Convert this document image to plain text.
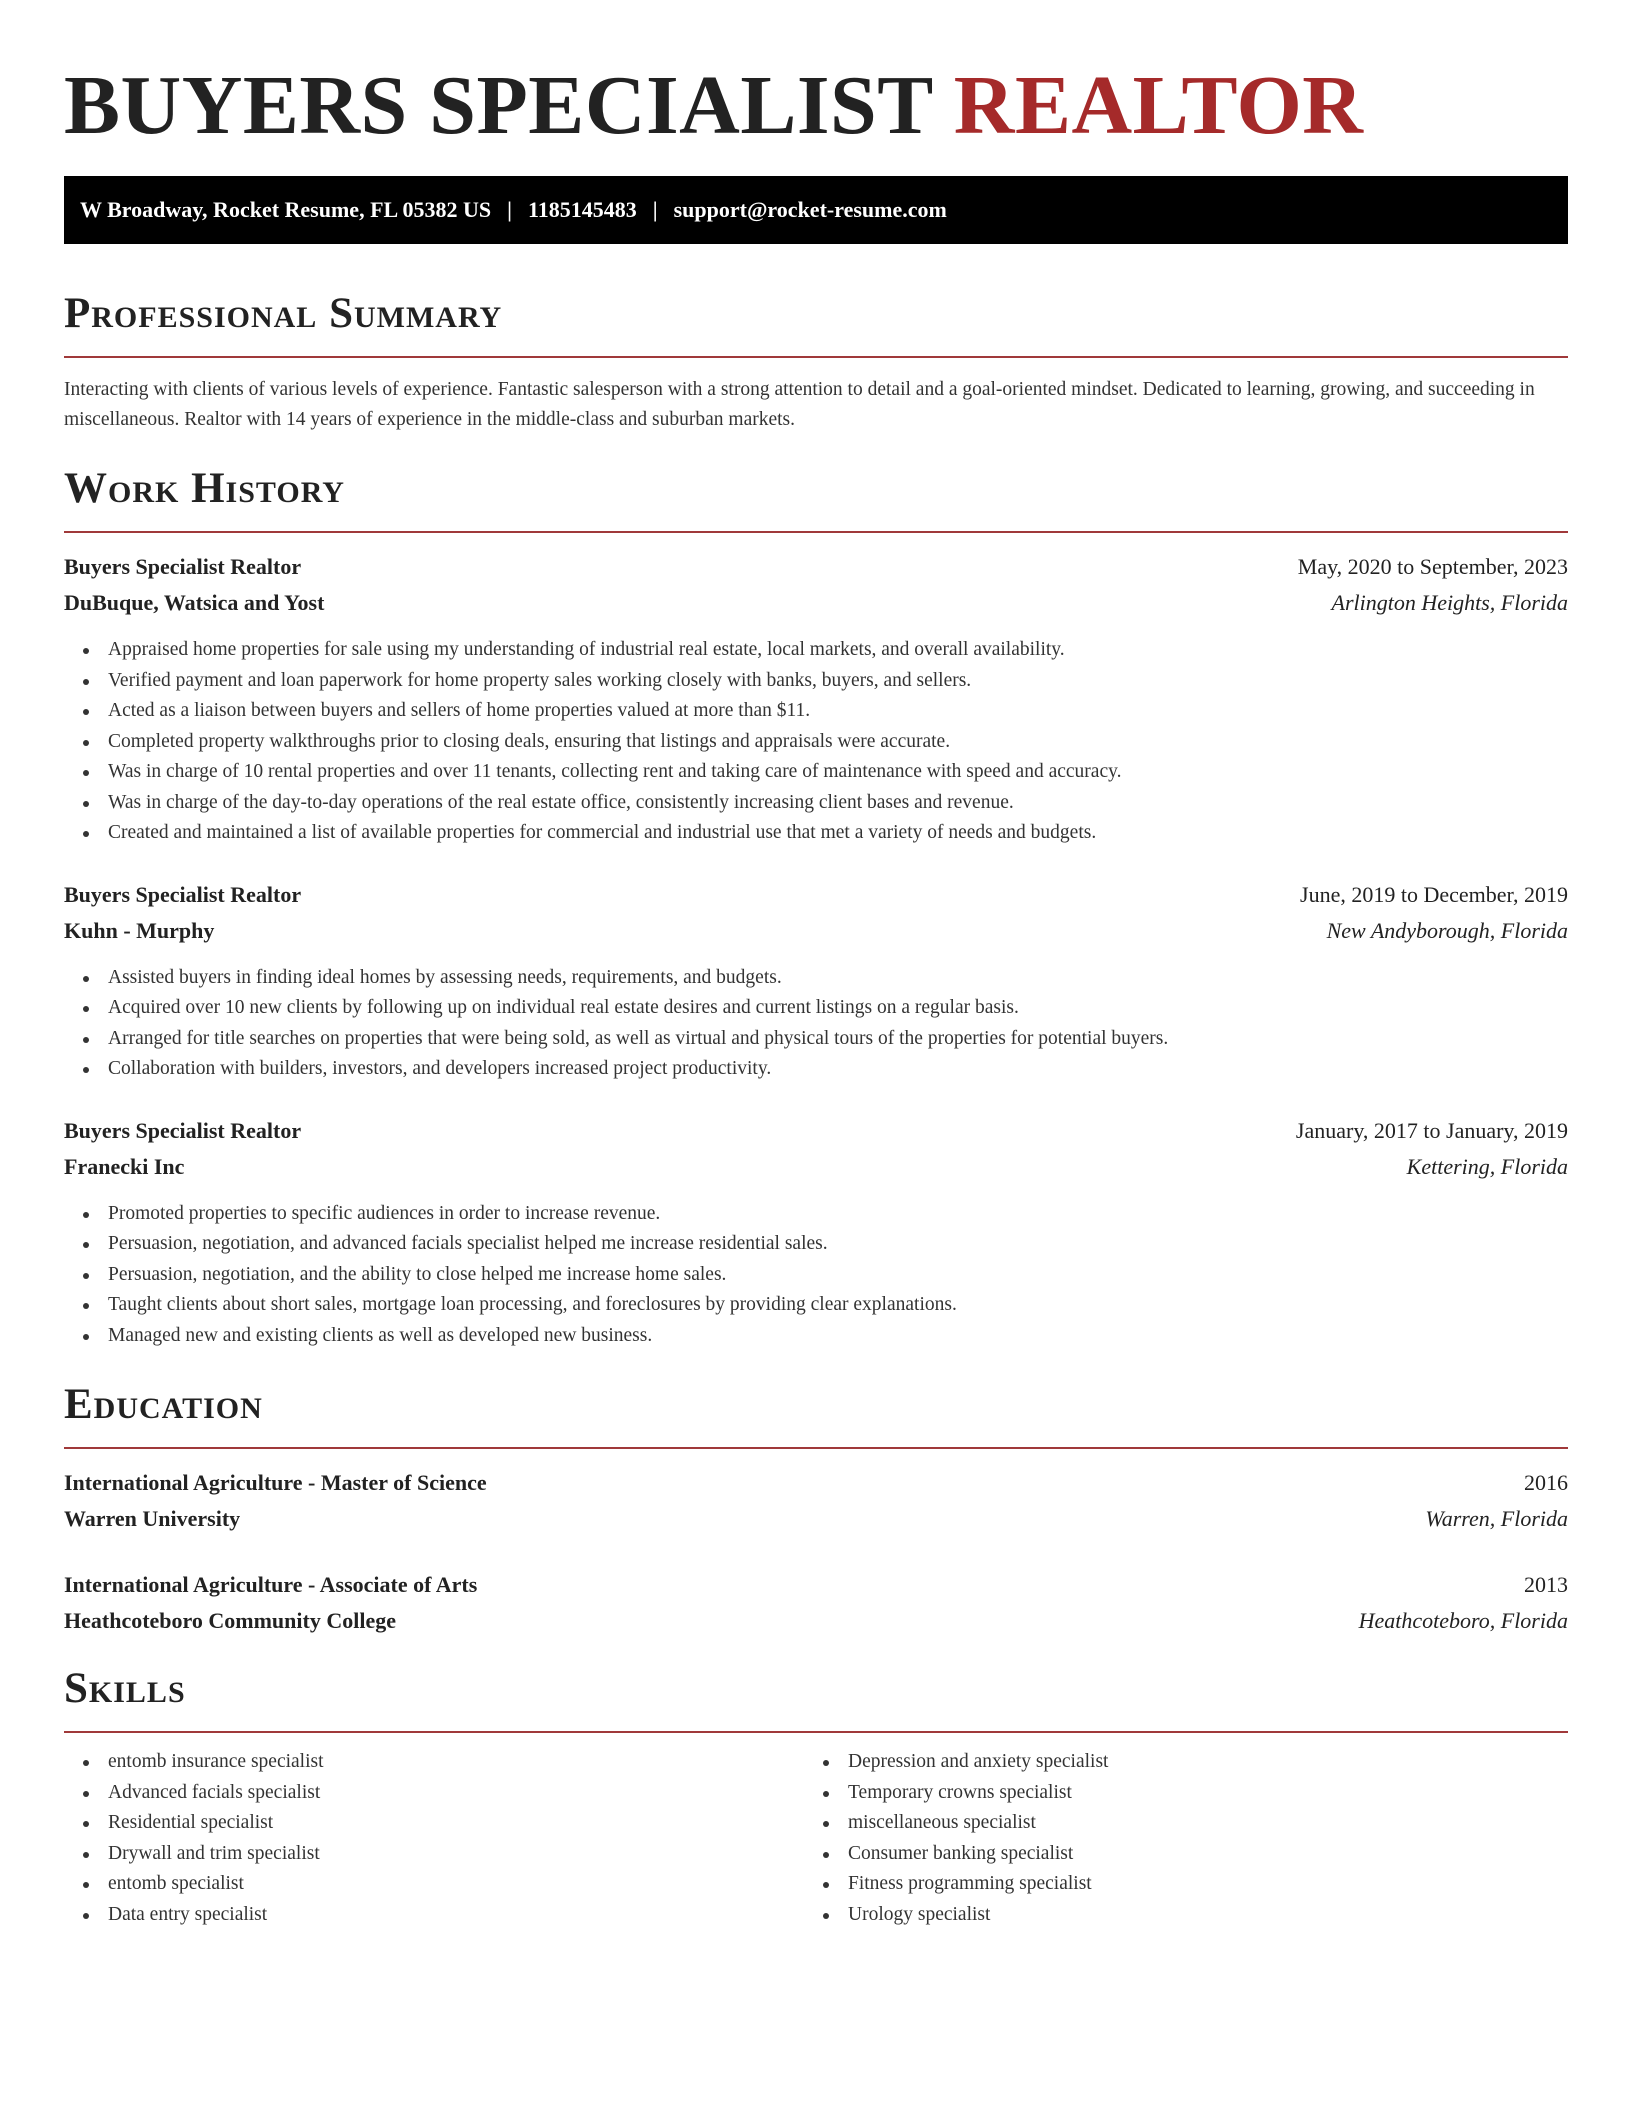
BUYERS SPECIALIST REALTOR
W Broadway, Rocket Resume, FL 05382 US | 1185145483 | support@rocket-resume.com
Professional Summary

Interacting with clients of various levels of experience. Fantastic salesperson with a strong attention to detail and a goal-oriented mindset. Dedicated to learning, growing, and succeeding in miscellaneous. Realtor with 14 years of experience in the middle-class and suburban markets.

Work History
Buyers Specialist Realtor	May, 2020 to September, 2023
DuBuque, Watsica and Yost	Arlington Heights, Florida
Appraised home properties for sale using my understanding of industrial real estate, local markets, and overall availability.
Verified payment and loan paperwork for home property sales working closely with banks, buyers, and sellers.
Acted as a liaison between buyers and sellers of home properties valued at more than $11.
Completed property walkthroughs prior to closing deals, ensuring that listings and appraisals were accurate.
Was in charge of 10 rental properties and over 11 tenants, collecting rent and taking care of maintenance with speed and accuracy.
Was in charge of the day-to-day operations of the real estate office, consistently increasing client bases and revenue.
Created and maintained a list of available properties for commercial and industrial use that met a variety of needs and budgets.
Buyers Specialist Realtor	June, 2019 to December, 2019
Kuhn - Murphy	New Andyborough, Florida
Assisted buyers in finding ideal homes by assessing needs, requirements, and budgets.
Acquired over 10 new clients by following up on individual real estate desires and current listings on a regular basis.
Arranged for title searches on properties that were being sold, as well as virtual and physical tours of the properties for potential buyers.
Collaboration with builders, investors, and developers increased project productivity.
Buyers Specialist Realtor	January, 2017 to January, 2019
Franecki Inc	Kettering, Florida
Promoted properties to specific audiences in order to increase revenue.
Persuasion, negotiation, and advanced facials specialist helped me increase residential sales.
Persuasion, negotiation, and the ability to close helped me increase home sales.
Taught clients about short sales, mortgage loan processing, and foreclosures by providing clear explanations.
Managed new and existing clients as well as developed new business.
Education
International Agriculture - Master of Science	2016
Warren University	Warren, Florida
International Agriculture - Associate of Arts	2013
Heathcoteboro Community College	Heathcoteboro, Florida
Skills
entomb insurance specialist
Advanced facials specialist
Residential specialist
Drywall and trim specialist
entomb specialist
Data entry specialist
Depression and anxiety specialist
Temporary crowns specialist
miscellaneous specialist
Consumer banking specialist
Fitness programming specialist
Urology specialist
